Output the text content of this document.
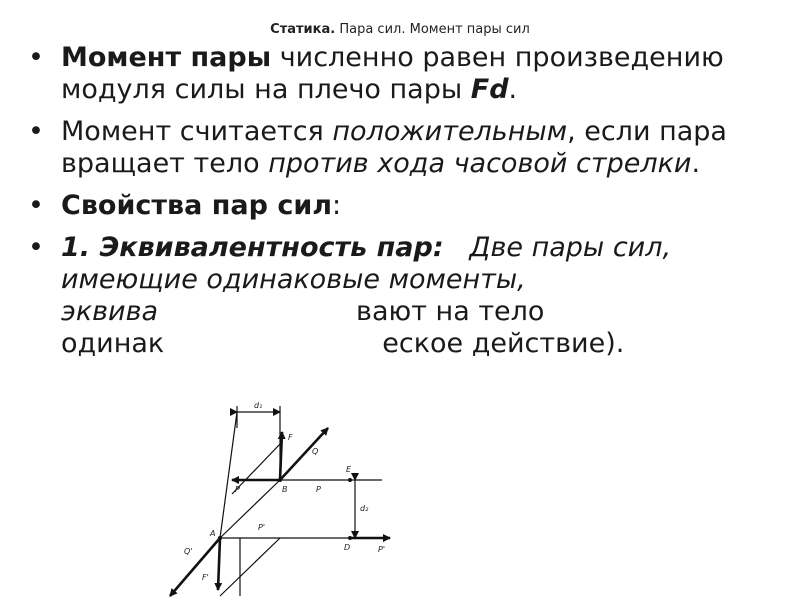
Статика. Пара сил. Момент пары сил
• Момент пары численно равен произведению модуля силы на плечо пары Fd.
• Момент считается положительным, если пара вращает тело против хода часовой стрелки.
• Свойства пар сил:
• 1. Эквивалентность пар: Две пары сил,
имеющие одинаковые моменты,
эквива	вают на тело
одинак	еское действие).
d₁
d₂
F
Q
P	B
E
P
A
P'
D	P'
Q'
F'
